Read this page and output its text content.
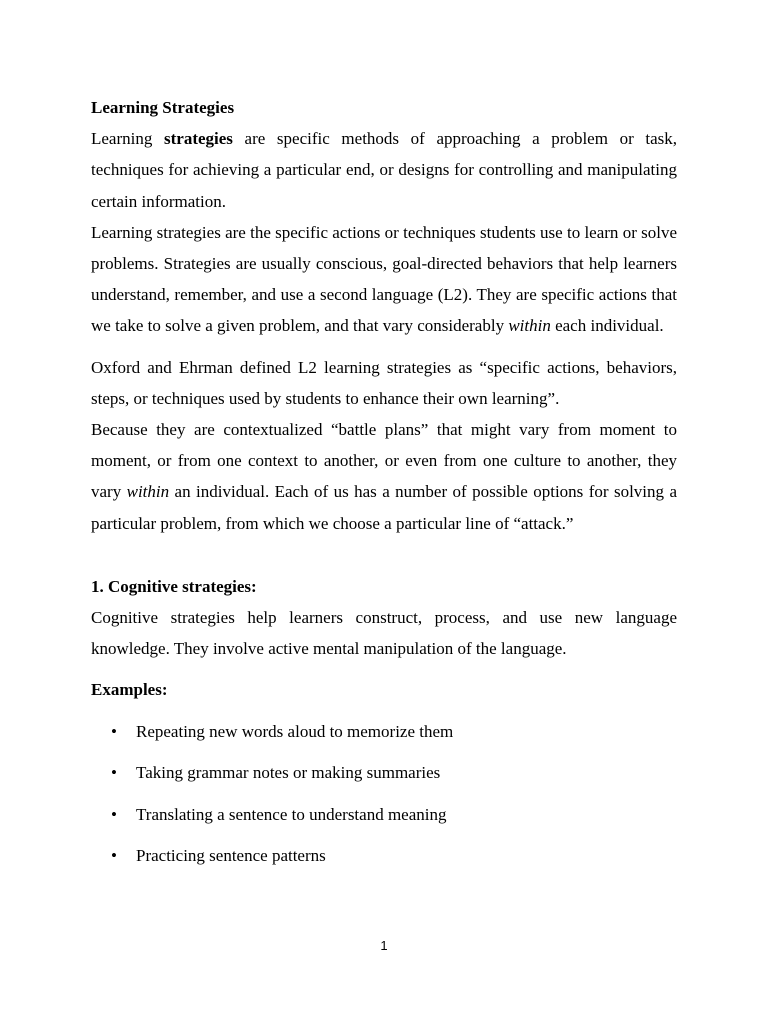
Learning Strategies

Learning strategies are specific methods of approaching a problem or task, techniques for achieving a particular end, or designs for controlling and manipulating certain information.

Learning strategies are the specific actions or techniques students use to learn or solve problems. Strategies are usually conscious, goal-directed behaviors that help learners understand, remember, and use a second language (L2). They are specific actions that we take to solve a given problem, and that vary considerably within each individual.

Oxford and Ehrman defined L2 learning strategies as “specific actions, behaviors, steps, or techniques used by students to enhance their own learning”.

Because they are contextualized “battle plans” that might vary from moment to moment, or from one context to another, or even from one culture to another, they vary within an individual. Each of us has a number of possible options for solving a particular problem, from which we choose a particular line of “attack.”

1. Cognitive strategies:

Cognitive strategies help learners construct, process, and use new language knowledge. They involve active mental manipulation of the language.

Examples:

• Repeating new words aloud to memorize them
• Taking grammar notes or making summaries
• Translating a sentence to understand meaning
• Practicing sentence patterns
1
